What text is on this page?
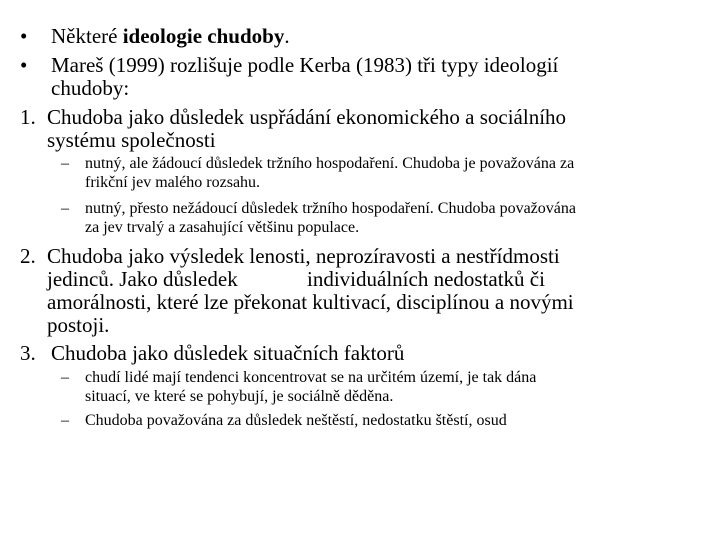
• Některé ideologie chudoby.
• Mareš (1999) rozlišuje podle Kerba (1983) tři typy ideologií
chudoby:
1. Chudoba jako důsledek uspřádání ekonomického a sociálního
systému společnosti
– nutný, ale žádoucí důsledek tržního hospodaření. Chudoba je považována za
frikční jev malého rozsahu.
– nutný, přesto nežádoucí důsledek tržního hospodaření. Chudoba považována
za jev trvalý a zasahující většinu populace.
2. Chudoba jako výsledek lenosti, neprozíravosti a nestřídmosti
jedinců. Jako důsledek	individuálních nedostatků či
amorálnosti, které lze překonat kultivací, disciplínou a novými
postoji.
3. Chudoba jako důsledek situačních faktorů
– chudí lidé mají tendenci koncentrovat se na určitém území, je tak dána
situací, ve které se pohybují, je sociálně děděna.
– Chudoba považována za důsledek neštěstí, nedostatku štěstí, osud
